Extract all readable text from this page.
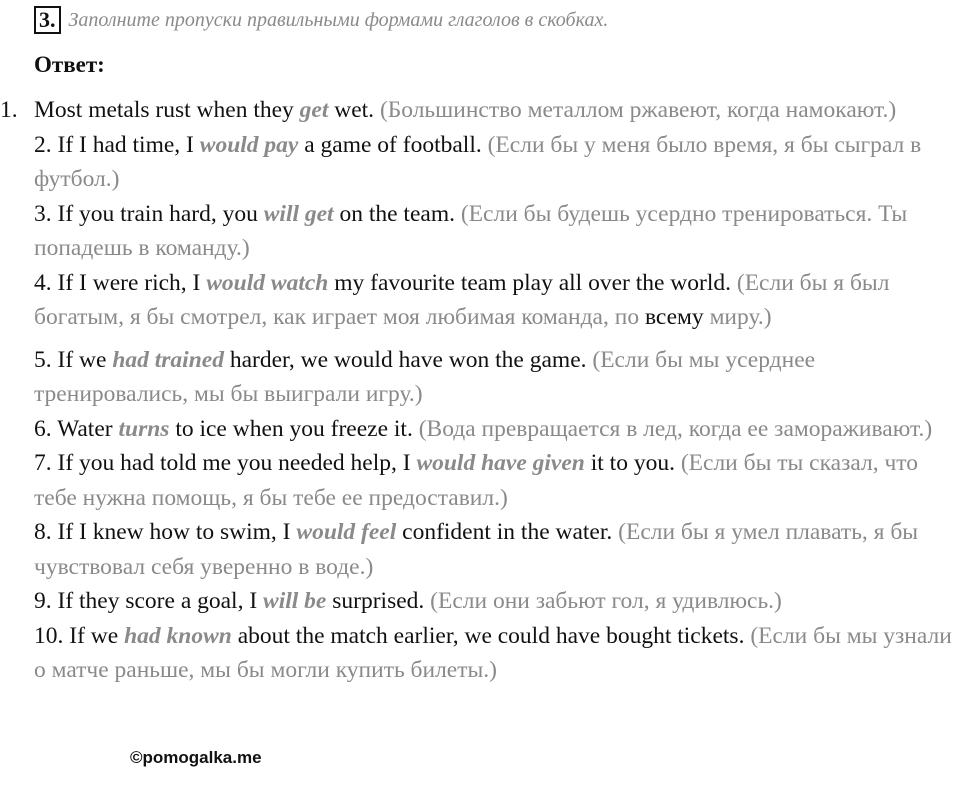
3. Заполните пропуски правильными формами глаголов в скобках.
Ответ:
1. Most metals rust when they get wet. (Большинство металлом ржавеют, когда намокают.)
2. If I had time, I would pay a game of football. (Если бы у меня было время, я бы сыграл в футбол.)
3. If you train hard, you will get on the team. (Если бы будешь усердно тренироваться. Ты попадешь в команду.)
4. If I were rich, I would watch my favourite team play all over the world. (Если бы я был богатым, я бы смотрел, как играет моя любимая команда, по всему миру.)
5. If we had trained harder, we would have won the game. (Если бы мы усерднее тренировались, мы бы выиграли игру.)
6. Water turns to ice when you freeze it. (Вода превращается в лед, когда ее замораживают.)
7. If you had told me you needed help, I would have given it to you. (Если бы ты сказал, что тебе нужна помощь, я бы тебе ее предоставил.)
8. If I knew how to swim, I would feel confident in the water. (Если бы я умел плавать, я бы чувствовал себя уверенно в воде.)
9. If they score a goal, I will be surprised. (Если они забьют гол, я удивлюсь.)
10. If we had known about the match earlier, we could have bought tickets. (Если бы мы узнали о матче раньше, мы бы могли купить билеты.)
©pomogalka.me
